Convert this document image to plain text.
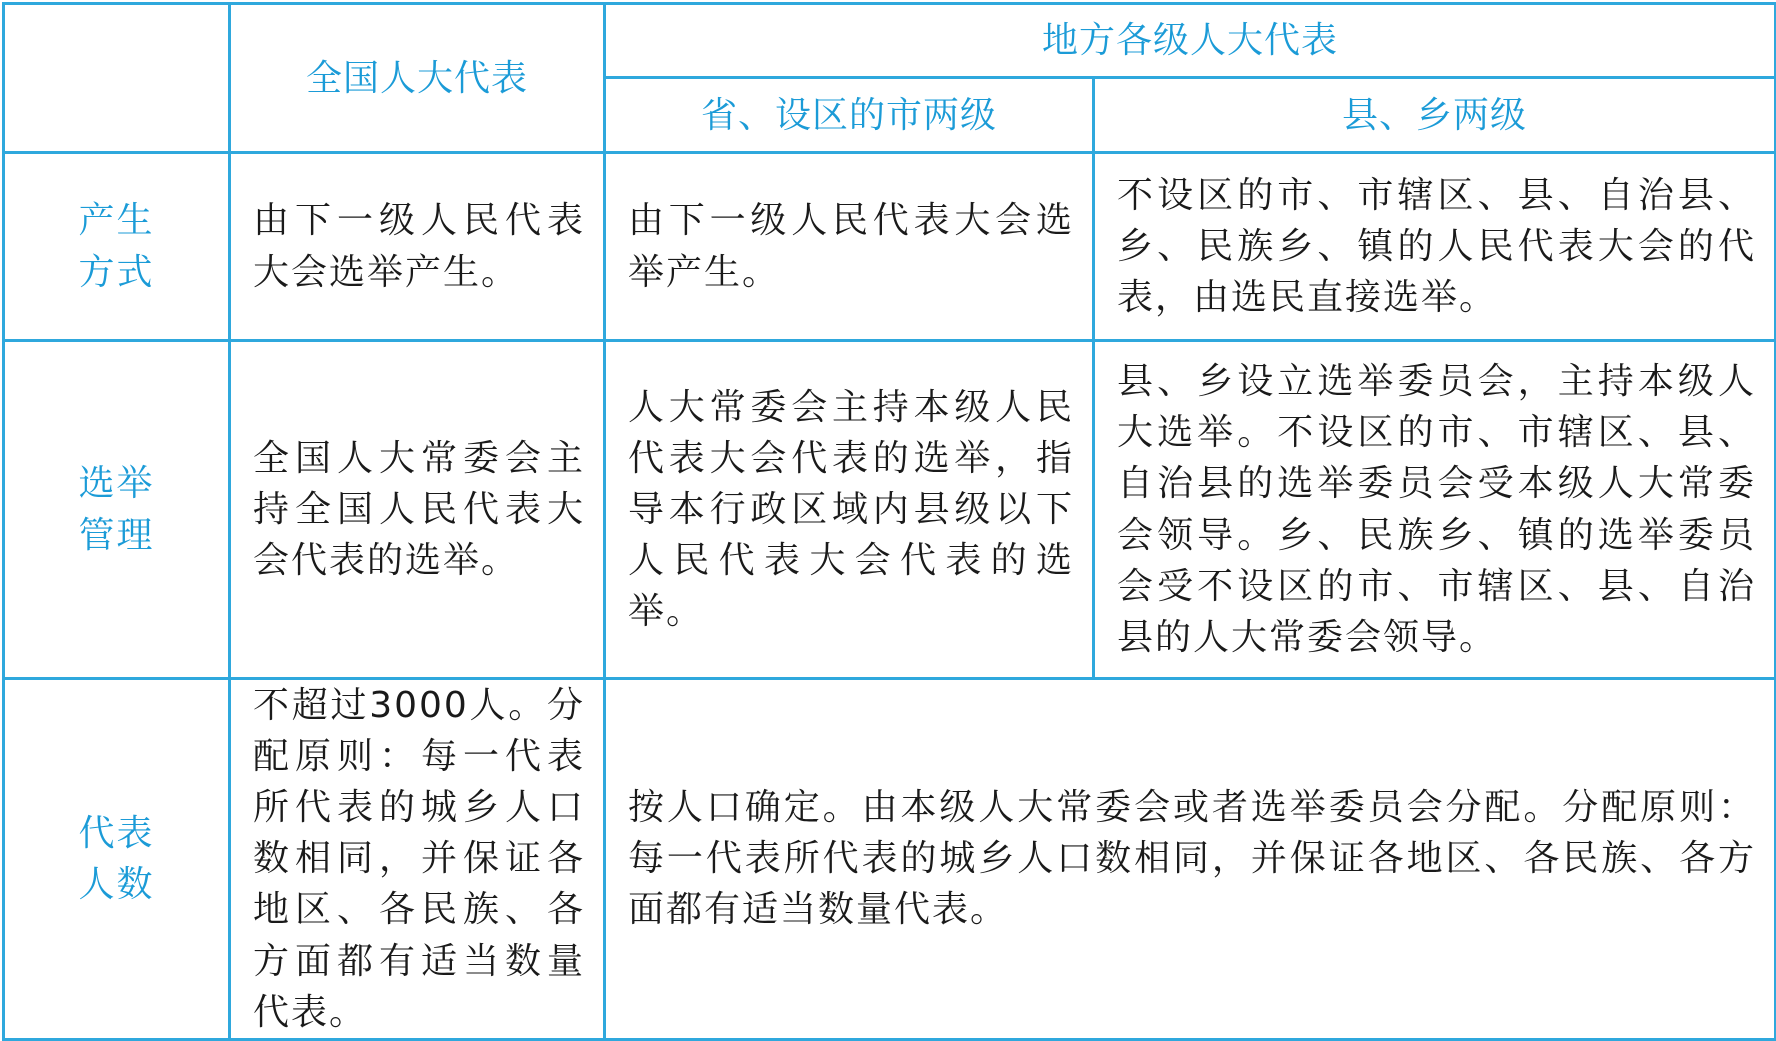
	全国人大代表	地方各级人大代表	
		省、设区的市两级	县、乡两级

产生
方式	由下一级人民代表大会选举产生。	由下一级人民代表大会选举产生。	不设区的市、市辖区、县、自治县、乡、民族乡、镇的人民代表大会的代表，由选民直接选举。

选举
管理	全国人大常委会主持全国人民代表大会代表的选举。	人大常委会主持本级人民代表大会代表的选举，指导本行政区域内县级以下人民代表大会代表的选举。	县、乡设立选举委员会，主持本级人大选举。不设区的市、市辖区、县、自治县的选举委员会受本级人大常委会领导。乡、民族乡、镇的选举委员会受不设区的市、市辖区、县、自治县的人大常委会领导。

代表
人数	不超过3000人。分配原则：每一代表所代表的城乡人口数相同，并保证各地区、各民族、各方面都有适当数量代表。	按人口确定。由本级人大常委会或者选举委员会分配。分配原则：每一代表所代表的城乡人口数相同，并保证各地区、各民族、各方面都有适当数量代表。	
